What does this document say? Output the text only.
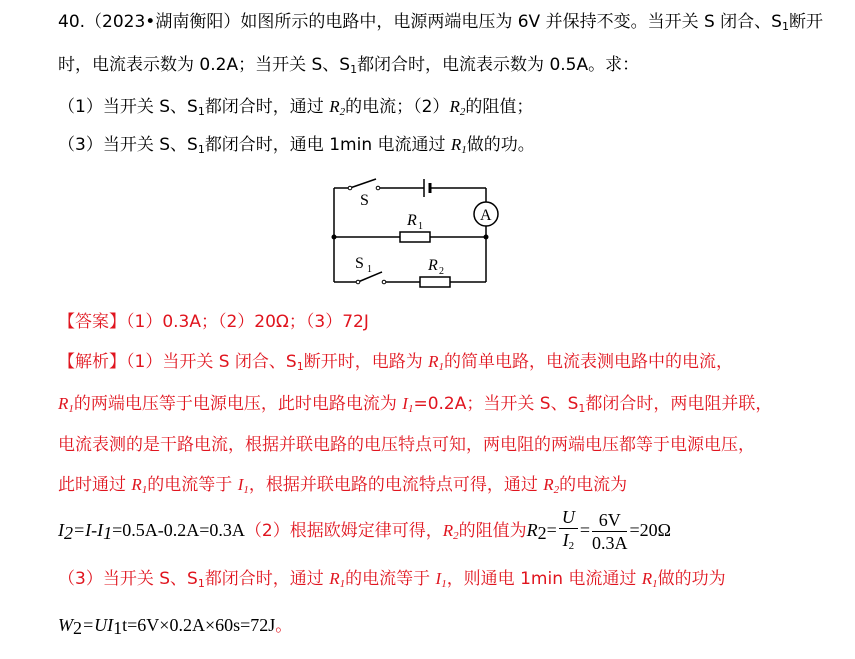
40.（2023•湖南衡阳）如图所示的电路中，电源两端电压为 6V 并保持不变。当开关 S 闭合、$S_1$断开
时，电流表示数为 0.2A；当开关 S、$S_1$都闭合时，电流表示数为 0.5A。求：
（1）当开关 S、$S_1$都闭合时，通过 $R_2$的电流；$(2)R_2$的阻值；
（3）当开关 S、$S_1$都闭合时，通电 1min 电流通过 $R_1$做的功。
S
S 1
R 1
R 2
A
【答案】（1）0.3A；（2）20Ω；（3）72J
【解析】（1）当开关 S 闭合、$S_1$断开时，电路为 $R_1$的简单电路，电流表测电路中的电流，
$R_1$的两端电压等于电源电压，此时电路电流为 $I_1=0.2A$；当开关 S、$S_1$都闭合时，两电阻并联，
电流表测的是干路电流，根据并联电路的电压特点可知，两电阻的两端电压都等于电源电压，
此时通过 $R_1$的电流等于 $I_1$，根据并联电路的电流特点可得，通过 $R_2$的电流为
$I_2=I-I_1=0.5A-0.2A=0.3A(2)$根据欧姆定律可得，$R_2$的阻值为$R_2= \frac{U}{I_2} = \frac{6V}{0.3A} =20\Omega$
（3）当开关 S、$S_1$都闭合时，通过 $R_1$的电流等于 $I_1$，则通电 1min 电流通过 $R_1$做的功为
$W_2=UI_1t=6V\times 0.2A\times 60s=72J$。
